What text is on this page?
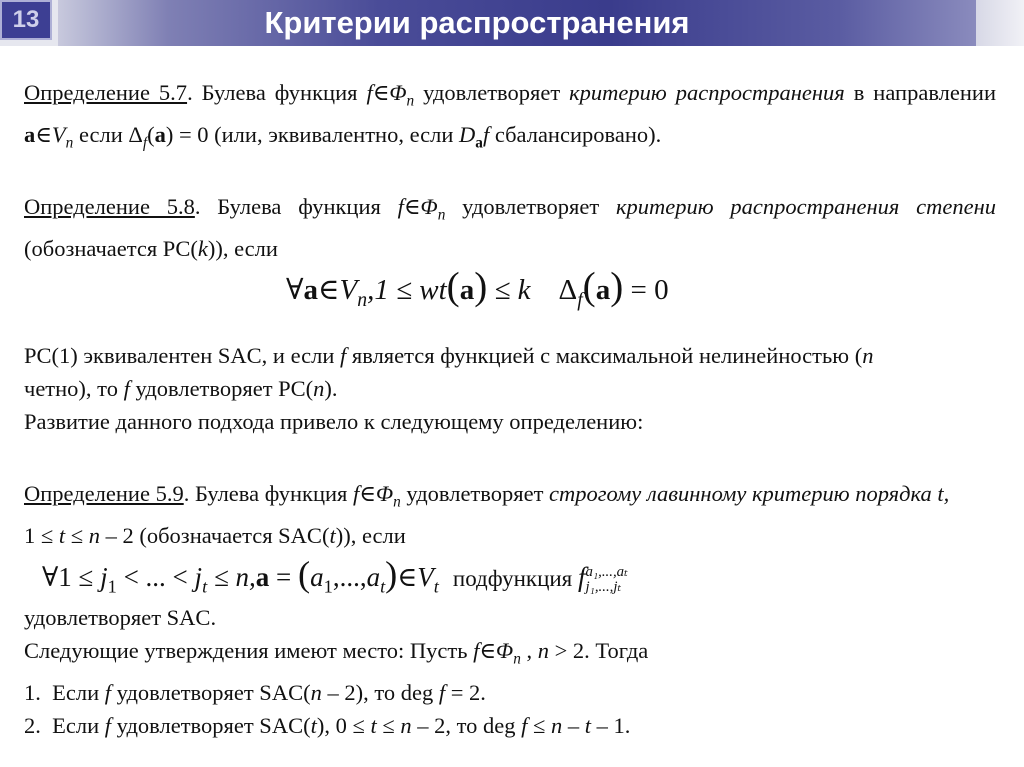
13	Критерии распространения
Определение 5.7. Булева функция $f\in\Phi_n$ удовлетворяет критерию распространения в направлении $a\in V_n$ если $\Delta_f(a) = 0$ (или, эквивалентно, если $D_af$ сбалансировано).
Определение 5.8. Булева функция $f\in\Phi_n$ удовлетворяет критерию распространения степени (обозначается PC(k)), если
$\forall a\in V_n,1 \le wt(a) \le k$ $\Delta_f(a) = 0$
PC(1) эквивалентен SAC, и если f является функцией с максимальной нелинейностью (n четно), то f удовлетворяет PC(n).
Развитие данного подхода привело к следующему определению:
Определение 5.9. Булева функция $f\in\Phi_n$ удовлетворяет строгому лавинному критерию порядка t, 1 ≤ t ≤ n – 2 (обозначается SAC(t)), если
∀1 ≤ $j_1$ < ... < $j_t \le n,a$ = $(a_1,...,a_t)\in V_t$ подфункция f a₁,...,aₜ
j₁,...,jₜ
удовлетворяет SAC.
Следующие утверждения имеют место: Пусть $f\in\Phi_n$ , n > 2. Тогда
1. Если f удовлетворяет SAC(n – 2), то deg f = 2.
2. Если f удовлетворяет SAC(t), 0 ≤ t ≤ n – 2, то deg f ≤ n – t – 1.
